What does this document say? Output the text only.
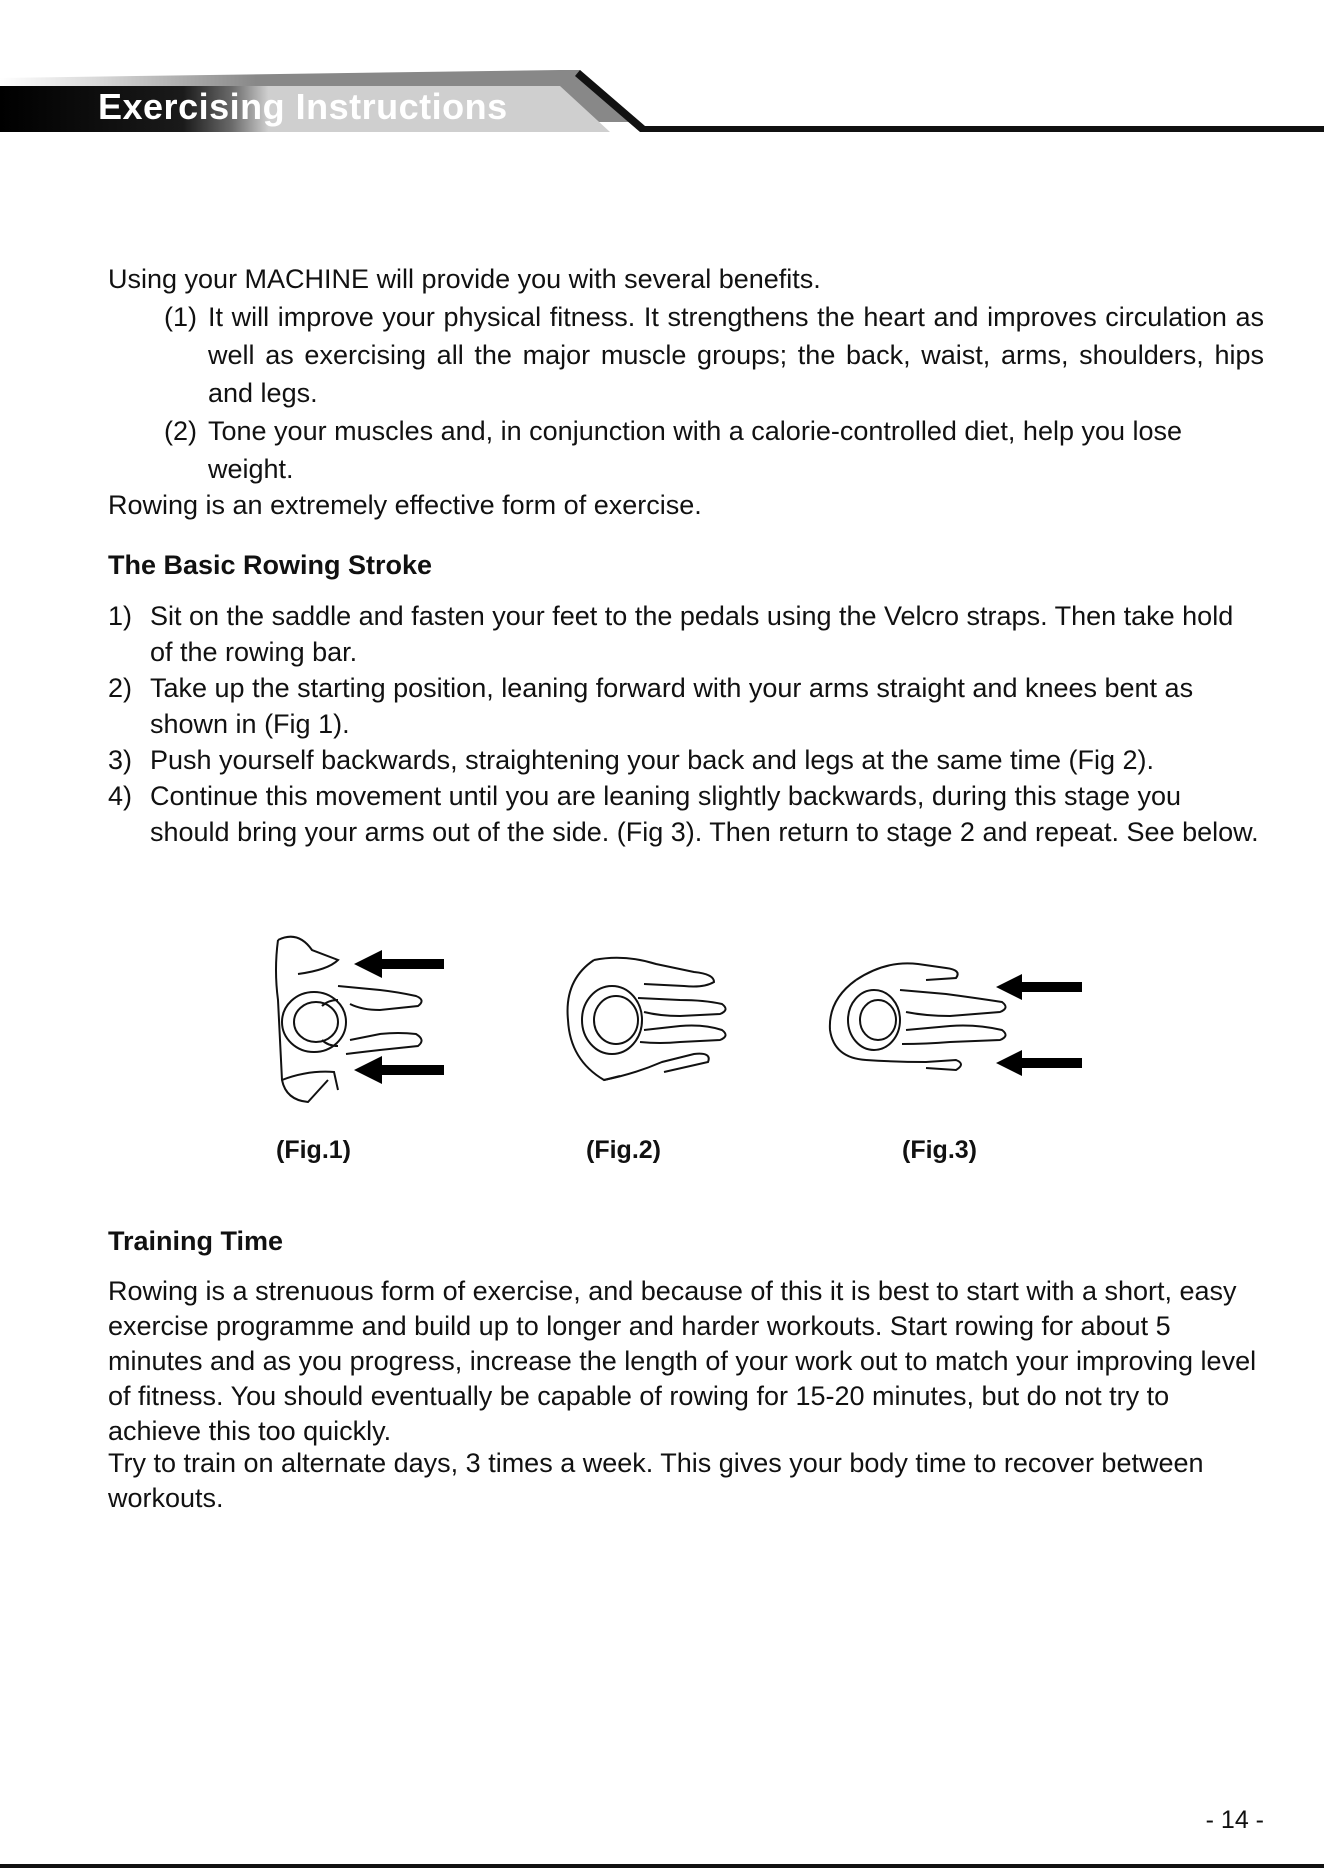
Exercising Instructions

Using your MACHINE will provide you with several benefits.

(1) It will improve your physical fitness. It strengthens the heart and improves circulation as well as exercising all the major muscle groups; the back, waist, arms, shoulders, hips and legs.

(2) Tone your muscles and, in conjunction with a calorie-controlled diet, help you lose weight.

Rowing is an extremely effective form of exercise.

The Basic Rowing Stroke
1) Sit on the saddle and fasten your feet to the pedals using the Velcro straps. Then take hold of the rowing bar.

2) Take up the starting position, leaning forward with your arms straight and knees bent as shown in (Fig 1).

3) Push yourself backwards, straightening your back and legs at the same time (Fig 2).

4) Continue this movement until you are leaning slightly backwards, during this stage you should bring your arms out of the side. (Fig 3). Then return to stage 2 and repeat. See below.

(Fig.1)	(Fig.2)	(Fig.3)

Training Time

Rowing is a strenuous form of exercise, and because of this it is best to start with a short, easy exercise programme and build up to longer and harder workouts. Start rowing for about 5 minutes and as you progress, increase the length of your work out to match your improving level of fitness. You should eventually be capable of rowing for 15-20 minutes, but do not try to achieve this too quickly.

Try to train on alternate days, 3 times a week. This gives your body time to recover between workouts.

- 14 -
